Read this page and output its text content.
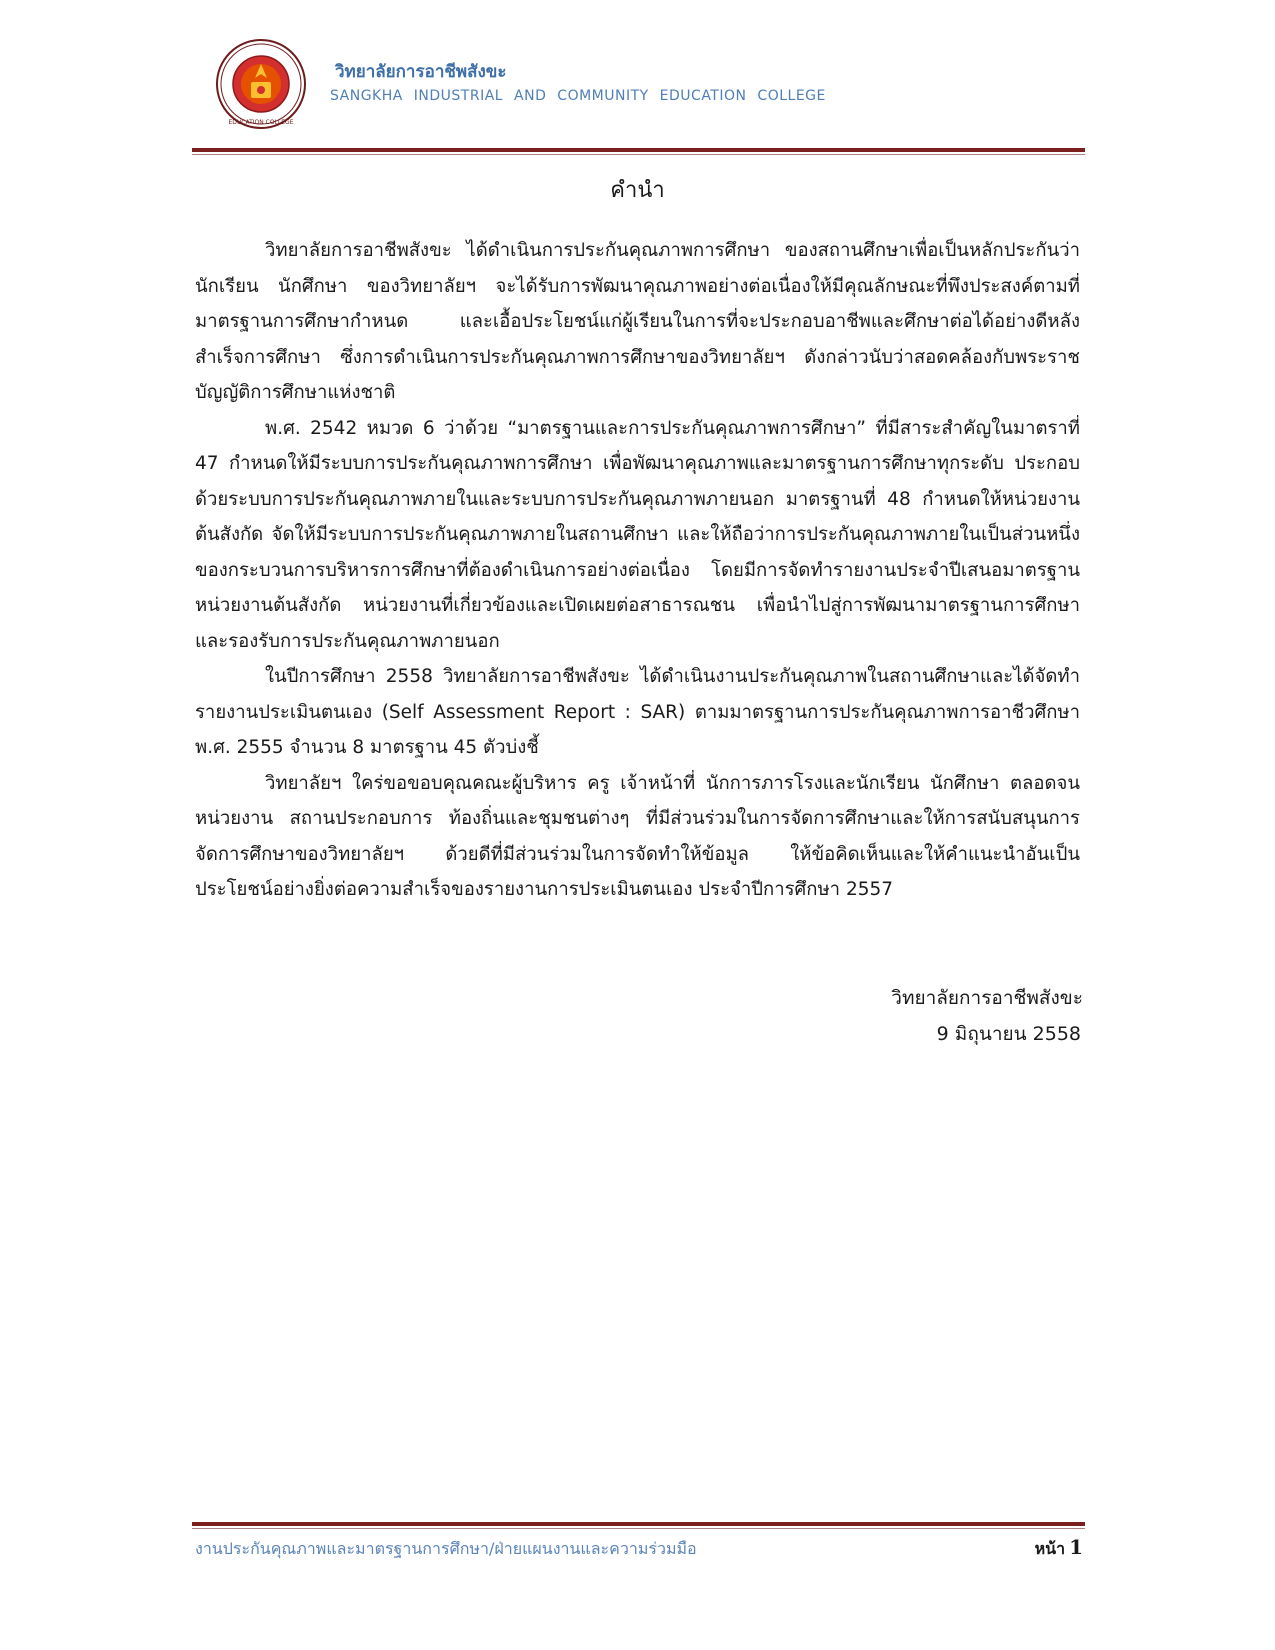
EDUCATION COLLEGE
วิทยาลัยการอาชีพสังขะ
SANGKHA INDUSTRIAL AND COMMUNITY EDUCATION COLLEGE
คำนำ

วิทยาลัยการอาชีพสังขะ ได้ดำเนินการประกันคุณภาพการศึกษา ของสถานศึกษาเพื่อเป็นหลักประกันว่า นักเรียน นักศึกษา ของวิทยาลัยฯ จะได้รับการพัฒนาคุณภาพอย่างต่อเนื่องให้มีคุณลักษณะที่พึงประสงค์ตามที่มาตรฐานการศึกษากำหนด และเอื้อประโยชน์แก่ผู้เรียนในการที่จะประกอบอาชีพและศึกษาต่อได้อย่างดีหลังสำเร็จการศึกษา ซึ่งการดำเนินการประกันคุณภาพการศึกษาของวิทยาลัยฯ ดังกล่าวนับว่าสอดคล้องกับพระราชบัญญัติการศึกษาแห่งชาติ

พ.ศ. 2542 หมวด 6 ว่าด้วย “มาตรฐานและการประกันคุณภาพการศึกษา” ที่มีสาระสำคัญในมาตราที่ 47 กำหนดให้มีระบบการประกันคุณภาพการศึกษา เพื่อพัฒนาคุณภาพและมาตรฐานการศึกษาทุกระดับ ประกอบด้วยระบบการประกันคุณภาพภายในและระบบการประกันคุณภาพภายนอก มาตรฐานที่ 48 กำหนดให้หน่วยงานต้นสังกัด จัดให้มีระบบการประกันคุณภาพภายในสถานศึกษา และให้ถือว่าการประกันคุณภาพภายในเป็นส่วนหนึ่งของกระบวนการบริหารการศึกษาที่ต้องดำเนินการอย่างต่อเนื่อง โดยมีการจัดทำรายงานประจำปีเสนอมาตรฐานหน่วยงานต้นสังกัด หน่วยงานที่เกี่ยวข้องและเปิดเผยต่อสาธารณชน เพื่อนำไปสู่การพัฒนามาตรฐานการศึกษาและรองรับการประกันคุณภาพภายนอก

ในปีการศึกษา 2558 วิทยาลัยการอาชีพสังขะ ได้ดำเนินงานประกันคุณภาพในสถานศึกษาและได้จัดทำรายงานประเมินตนเอง (Self Assessment Report : SAR) ตามมาตรฐานการประกันคุณภาพการอาชีวศึกษา พ.ศ. 2555 จำนวน 8 มาตรฐาน 45 ตัวบ่งชี้

วิทยาลัยฯ ใคร่ขอขอบคุณคณะผู้บริหาร ครู เจ้าหน้าที่ นักการภารโรงและนักเรียน นักศึกษา ตลอดจนหน่วยงาน สถานประกอบการ ท้องถิ่นและชุมชนต่างๆ ที่มีส่วนร่วมในการจัดการศึกษาและให้การสนับสนุนการจัดการศึกษาของวิทยาลัยฯ ด้วยดีที่มีส่วนร่วมในการจัดทำให้ข้อมูล ให้ข้อคิดเห็นและให้คำแนะนำอันเป็นประโยชน์อย่างยิ่งต่อความสำเร็จของรายงานการประเมินตนเอง ประจำปีการศึกษา 2557

วิทยาลัยการอาชีพสังขะ
9 มิถุนายน 2558
งานประกันคุณภาพและมาตรฐานการศึกษา/ฝ่ายแผนงานและความร่วมมือ	หน้า 1
